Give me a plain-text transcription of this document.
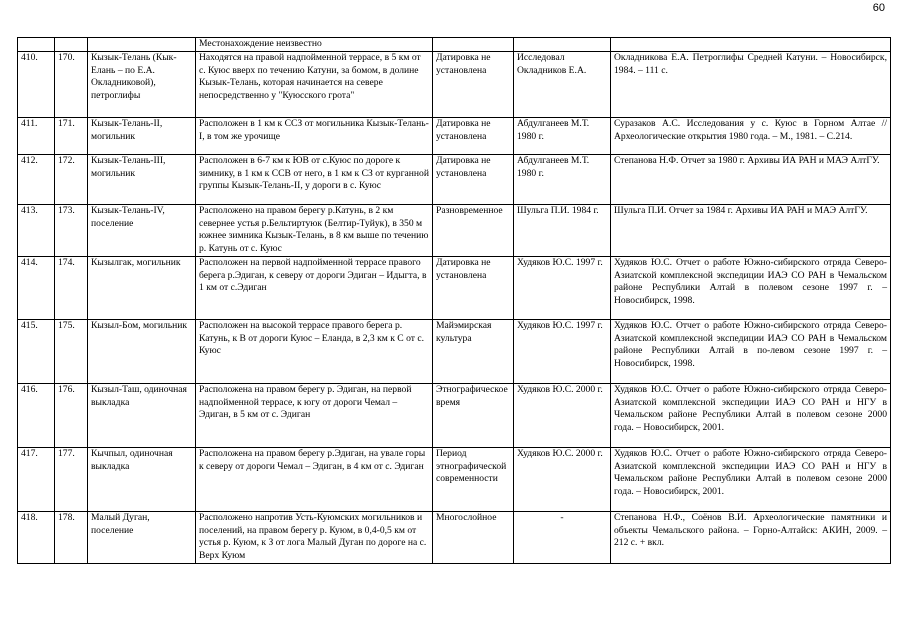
60
			Местонахождение неизвестно			
410.	170.	Кызык-Телань (Кык-Елань – по Е.А. Окладниковой), петроглифы	Находятся на правой надпойменной террасе, в 5 км от с. Куюс вверх по течению Катуни, за бомом, в долине Кызык-Телань, которая начинается на севере непосредственно у "Куюсского грота"	Датировка не установлена	Исследовал Окладников Е.А.	Окладникова Е.А. Петроглифы Средней Катуни. – Новосибирск, 1984. – 111 с.
411.	171.	Кызык-Телань-II, могильник	Расположен в 1 км к ССЗ от могильника Кызык-Телань-I, в том же урочище	Датировка не установлена	Абдулганеев М.Т. 1980 г.	Суразаков А.С. Исследования у с. Куюс в Горном Алтае // Археологические открытия 1980 года. – М., 1981. – С.214.
412.	172.	Кызык-Телань-III, могильник	Расположен в 6-7 км к ЮВ от с.Куюс по дороге к зимнику, в 1 км к ССВ от него, в 1 км к СЗ от курганной группы Кызык-Телань-II, у дороги в с. Куюс	Датировка не установлена	Абдулганеев М.Т. 1980 г.	Степанова Н.Ф. Отчет за 1980 г. Архивы ИА РАН и МАЭ АлтГУ.
413.	173.	Кызык-Телань-IV, поселение	Расположено на правом берегу р.Катунь, в 2 км севернее устья р.Бельтиртуюк (Белтир-Туйук), в 350 м южнее зимника Кызык-Телань, в 8 км выше по течению р. Катунь от с. Куюс	Разновременное	Шульга П.И. 1984 г.	Шульга П.И. Отчет за 1984 г. Архивы ИА РАН и МАЭ АлтГУ.
414.	174.	Кызылгак, могильник	Расположен на первой надпойменной террасе правого берега р.Эдиган, к северу от дороги Эдиган – Идыгта, в 1 км от с.Эдиган	Датировка не установлена	Худяков Ю.С. 1997 г.	Худяков Ю.С. Отчет о работе Южно-сибирского отряда Северо-Азиатской комплексной экспедиции ИАЭ СО РАН в Чемальском районе Республики Алтай в полевом сезоне 1997 г. – Новосибирск, 1998.
415.	175.	Кызыл-Бом, могильник	Расположен на высокой террасе правого берега р. Катунь, к В от дороги Куюс – Еланда, в 2,3 км к С от с. Куюс	Майэмирская культура	Худяков Ю.С. 1997 г.	Худяков Ю.С. Отчет о работе Южно-сибирского отряда Северо-Азиатской комплексной экспедиции ИАЭ СО РАН в Чемальском районе Республики Алтай в по-левом сезоне 1997 г. – Новосибирск, 1998.
416.	176.	Кызыл-Таш, одиночная выкладка	Расположена на правом берегу р. Эдиган, на первой надпойменной террасе, к югу от дороги Чемал – Эдиган, в 5 км от с. Эдиган	Этнографическое время	Худяков Ю.С. 2000 г.	Худяков Ю.С. Отчет о работе Южно-сибирского отряда Северо-Азиатской комплексной экспедиции ИАЭ СО РАН и НГУ в Чемальском районе Республики Алтай в полевом сезоне 2000 года. – Новосибирск, 2001.
417.	177.	Кычпыл, одиночная выкладка	Расположена на правом берегу р.Эдиган, на увале горы к северу от дороги Чемал – Эдиган, в 4 км от с. Эдиган	Период этнографической современности	Худяков Ю.С. 2000 г.	Худяков Ю.С. Отчет о работе Южно-сибирского отряда Северо-Азиатской комплексной экспедиции ИАЭ СО РАН и НГУ в Чемальском районе Республики Алтай в полевом сезоне 2000 года. – Новосибирск, 2001.
418.	178.	Малый Дуган, поселение	Расположено напротив Усть-Куюмских могильников и поселений, на правом берегу р. Куюм, в 0,4-0,5 км от устья р. Куюм, к З от лога Малый Дуган по дороге на с. Верх Куюм	Многослойное	-	Степанова Н.Ф., Соёнов В.И. Археологические памятники и объекты Чемальского района. – Горно-Алтайск: АКИН, 2009. – 212 с. + вкл.
